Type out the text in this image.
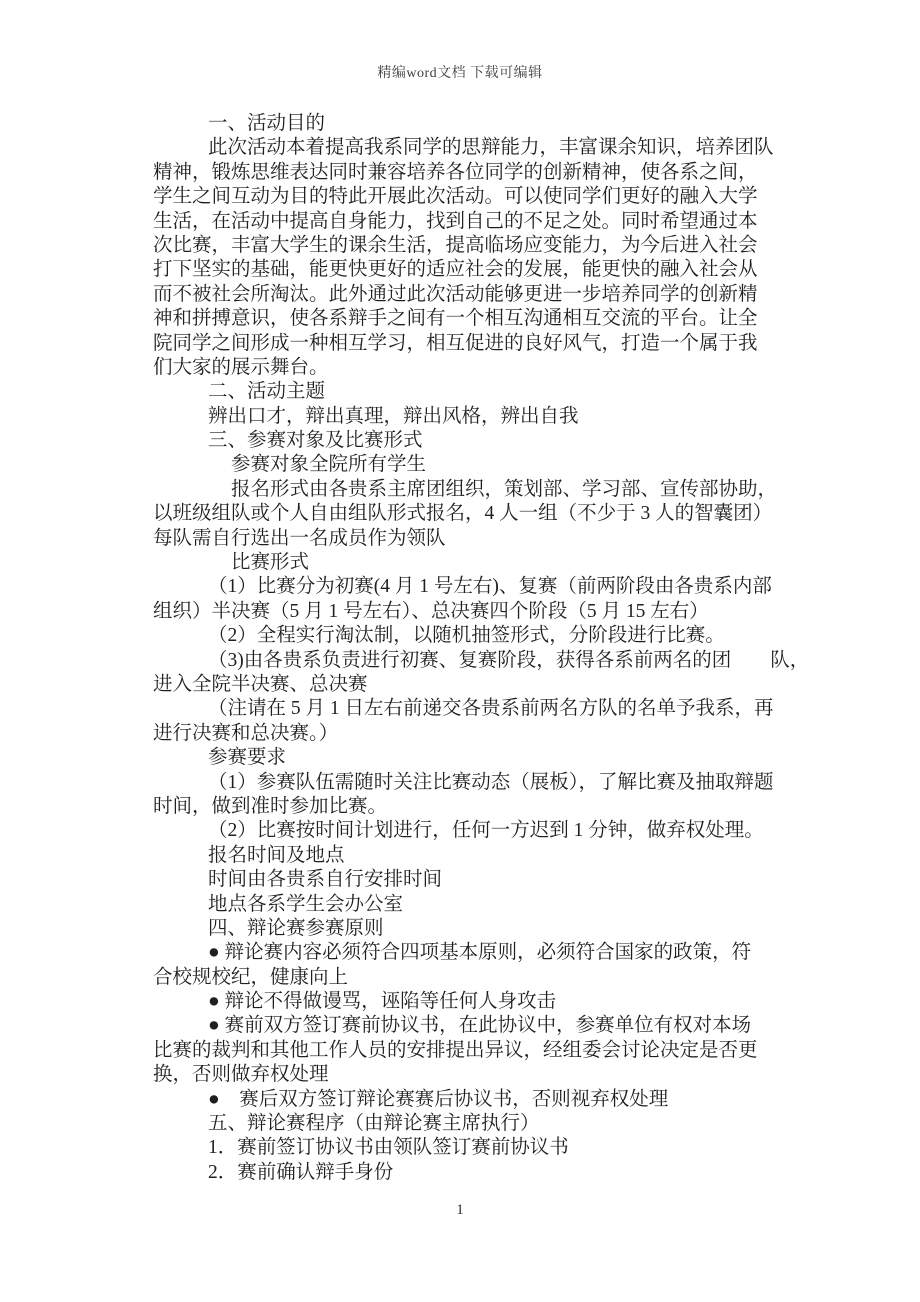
精编word文档 下载可编辑
一、活动目的
此次活动本着提高我系同学的思辩能力，丰富课余知识，培养团队
精神，锻炼思维表达同时兼容培养各位同学的创新精神，使各系之间，
学生之间互动为目的特此开展此次活动。可以使同学们更好的融入大学
生活，在活动中提高自身能力，找到自己的不足之处。同时希望通过本
次比赛，丰富大学生的课余生活，提高临场应变能力，为今后进入社会
打下坚实的基础，能更快更好的适应社会的发展，能更快的融入社会从
而不被社会所淘汰。此外通过此次活动能够更进一步培养同学的创新精
神和拼搏意识，使各系辩手之间有一个相互沟通相互交流的平台。让全
院同学之间形成一种相互学习，相互促进的良好风气，打造一个属于我
们大家的展示舞台。
二、活动主题
辨出口才，辩出真理，辩出风格，辨出自我
三、参赛对象及比赛形式
参赛对象全院所有学生
报名形式由各贵系主席团组织，策划部、学习部、宣传部协助，
以班级组队或个人自由组队形式报名，4 人一组（不少于 3 人的智囊团）
每队需自行选出一名成员作为领队
比赛形式
（1）比赛分为初赛(4 月 1 号左右)、复赛（前两阶段由各贵系内部
组织）半决赛（5 月 1 号左右）、总决赛四个阶段（5 月 15 左右）
（2）全程实行淘汰制，以随机抽签形式，分阶段进行比赛。
（3)由各贵系负责进行初赛、复赛阶段，获得各系前两名的团　　队，
进入全院半决赛、总决赛
（注请在 5 月 1 日左右前递交各贵系前两名方队的名单予我系，再
进行决赛和总决赛。）
参赛要求
（1）参赛队伍需随时关注比赛动态（展板），了解比赛及抽取辩题
时间，做到准时参加比赛。
（2）比赛按时间计划进行，任何一方迟到 1 分钟，做弃权处理。
报名时间及地点
时间由各贵系自行安排时间
地点各系学生会办公室
四、辩论赛参赛原则
● 辩论赛内容必须符合四项基本原则，必须符合国家的政策，符
合校规校纪，健康向上
● 辩论不得做谩骂，诬陷等任何人身攻击
● 赛前双方签订赛前协议书，在此协议中，参赛单位有权对本场
比赛的裁判和其他工作人员的安排提出异议，经组委会讨论决定是否更
换，否则做弃权处理
●　赛后双方签订辩论赛赛后协议书，否则视弃权处理
五、辩论赛程序（由辩论赛主席执行）
1．赛前签订协议书由领队签订赛前协议书
2．赛前确认辩手身份
1
